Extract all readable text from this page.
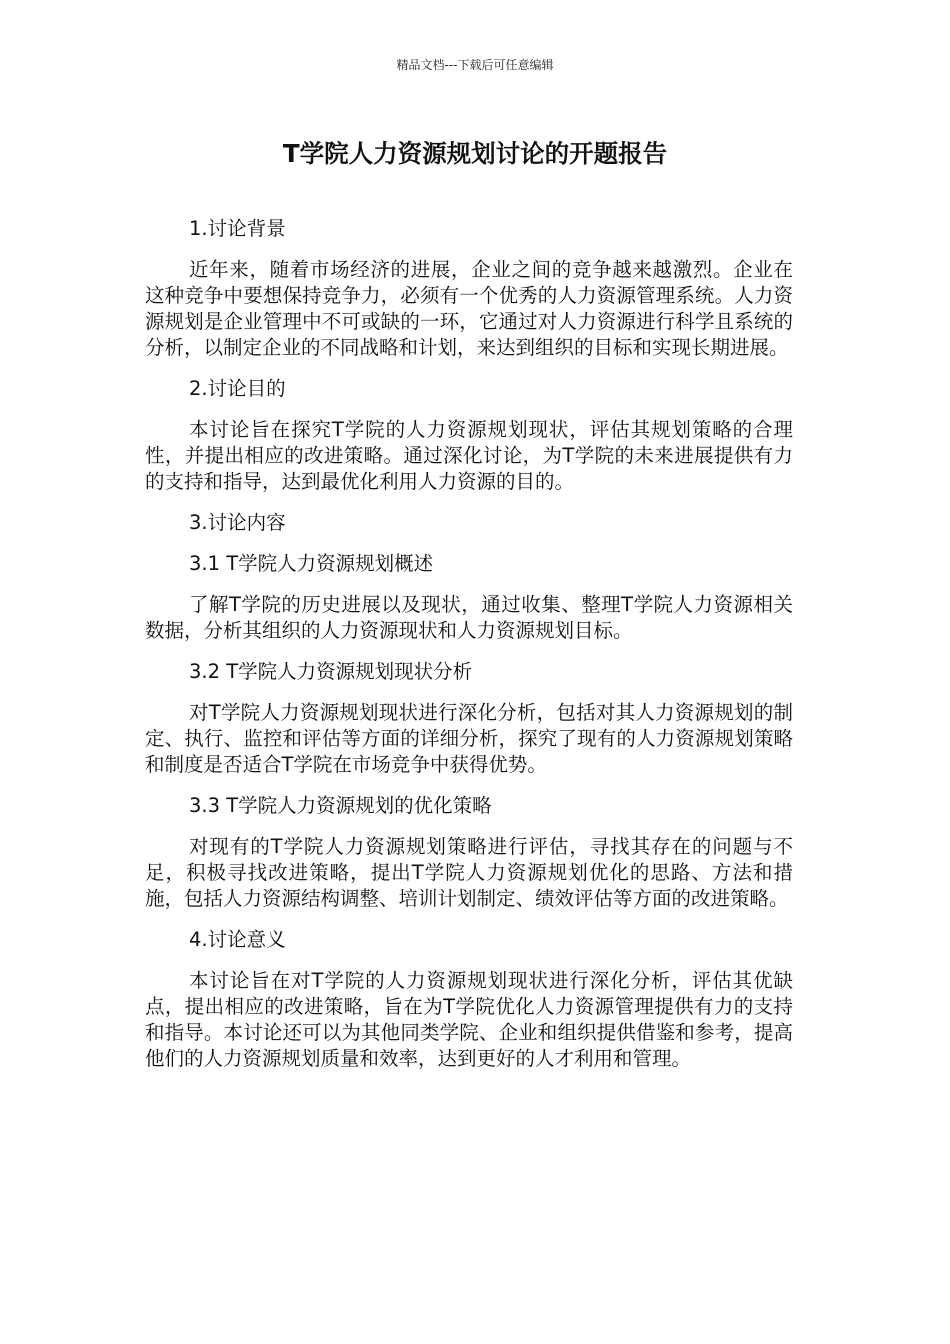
精品文档---下载后可任意编辑
T学院人力资源规划讨论的开题报告

1.讨论背景

近年来，随着市场经济的进展，企业之间的竞争越来越激烈。企业在这种竞争中要想保持竞争力，必须有一个优秀的人力资源管理系统。人力资源规划是企业管理中不可或缺的一环，它通过对人力资源进行科学且系统的分析，以制定企业的不同战略和计划，来达到组织的目标和实现长期进展。

2.讨论目的

本讨论旨在探究T学院的人力资源规划现状，评估其规划策略的合理性，并提出相应的改进策略。通过深化讨论，为T学院的未来进展提供有力的支持和指导，达到最优化利用人力资源的目的。

3.讨论内容

3.1 T学院人力资源规划概述

了解T学院的历史进展以及现状，通过收集、整理T学院人力资源相关数据，分析其组织的人力资源现状和人力资源规划目标。

3.2 T学院人力资源规划现状分析

对T学院人力资源规划现状进行深化分析，包括对其人力资源规划的制定、执行、监控和评估等方面的详细分析，探究了现有的人力资源规划策略和制度是否适合T学院在市场竞争中获得优势。

3.3 T学院人力资源规划的优化策略

对现有的T学院人力资源规划策略进行评估，寻找其存在的问题与不足，积极寻找改进策略，提出T学院人力资源规划优化的思路、方法和措施，包括人力资源结构调整、培训计划制定、绩效评估等方面的改进策略。

4.讨论意义

本讨论旨在对T学院的人力资源规划现状进行深化分析，评估其优缺点，提出相应的改进策略，旨在为T学院优化人力资源管理提供有力的支持和指导。本讨论还可以为其他同类学院、企业和组织提供借鉴和参考，提高他们的人力资源规划质量和效率，达到更好的人才利用和管理。
